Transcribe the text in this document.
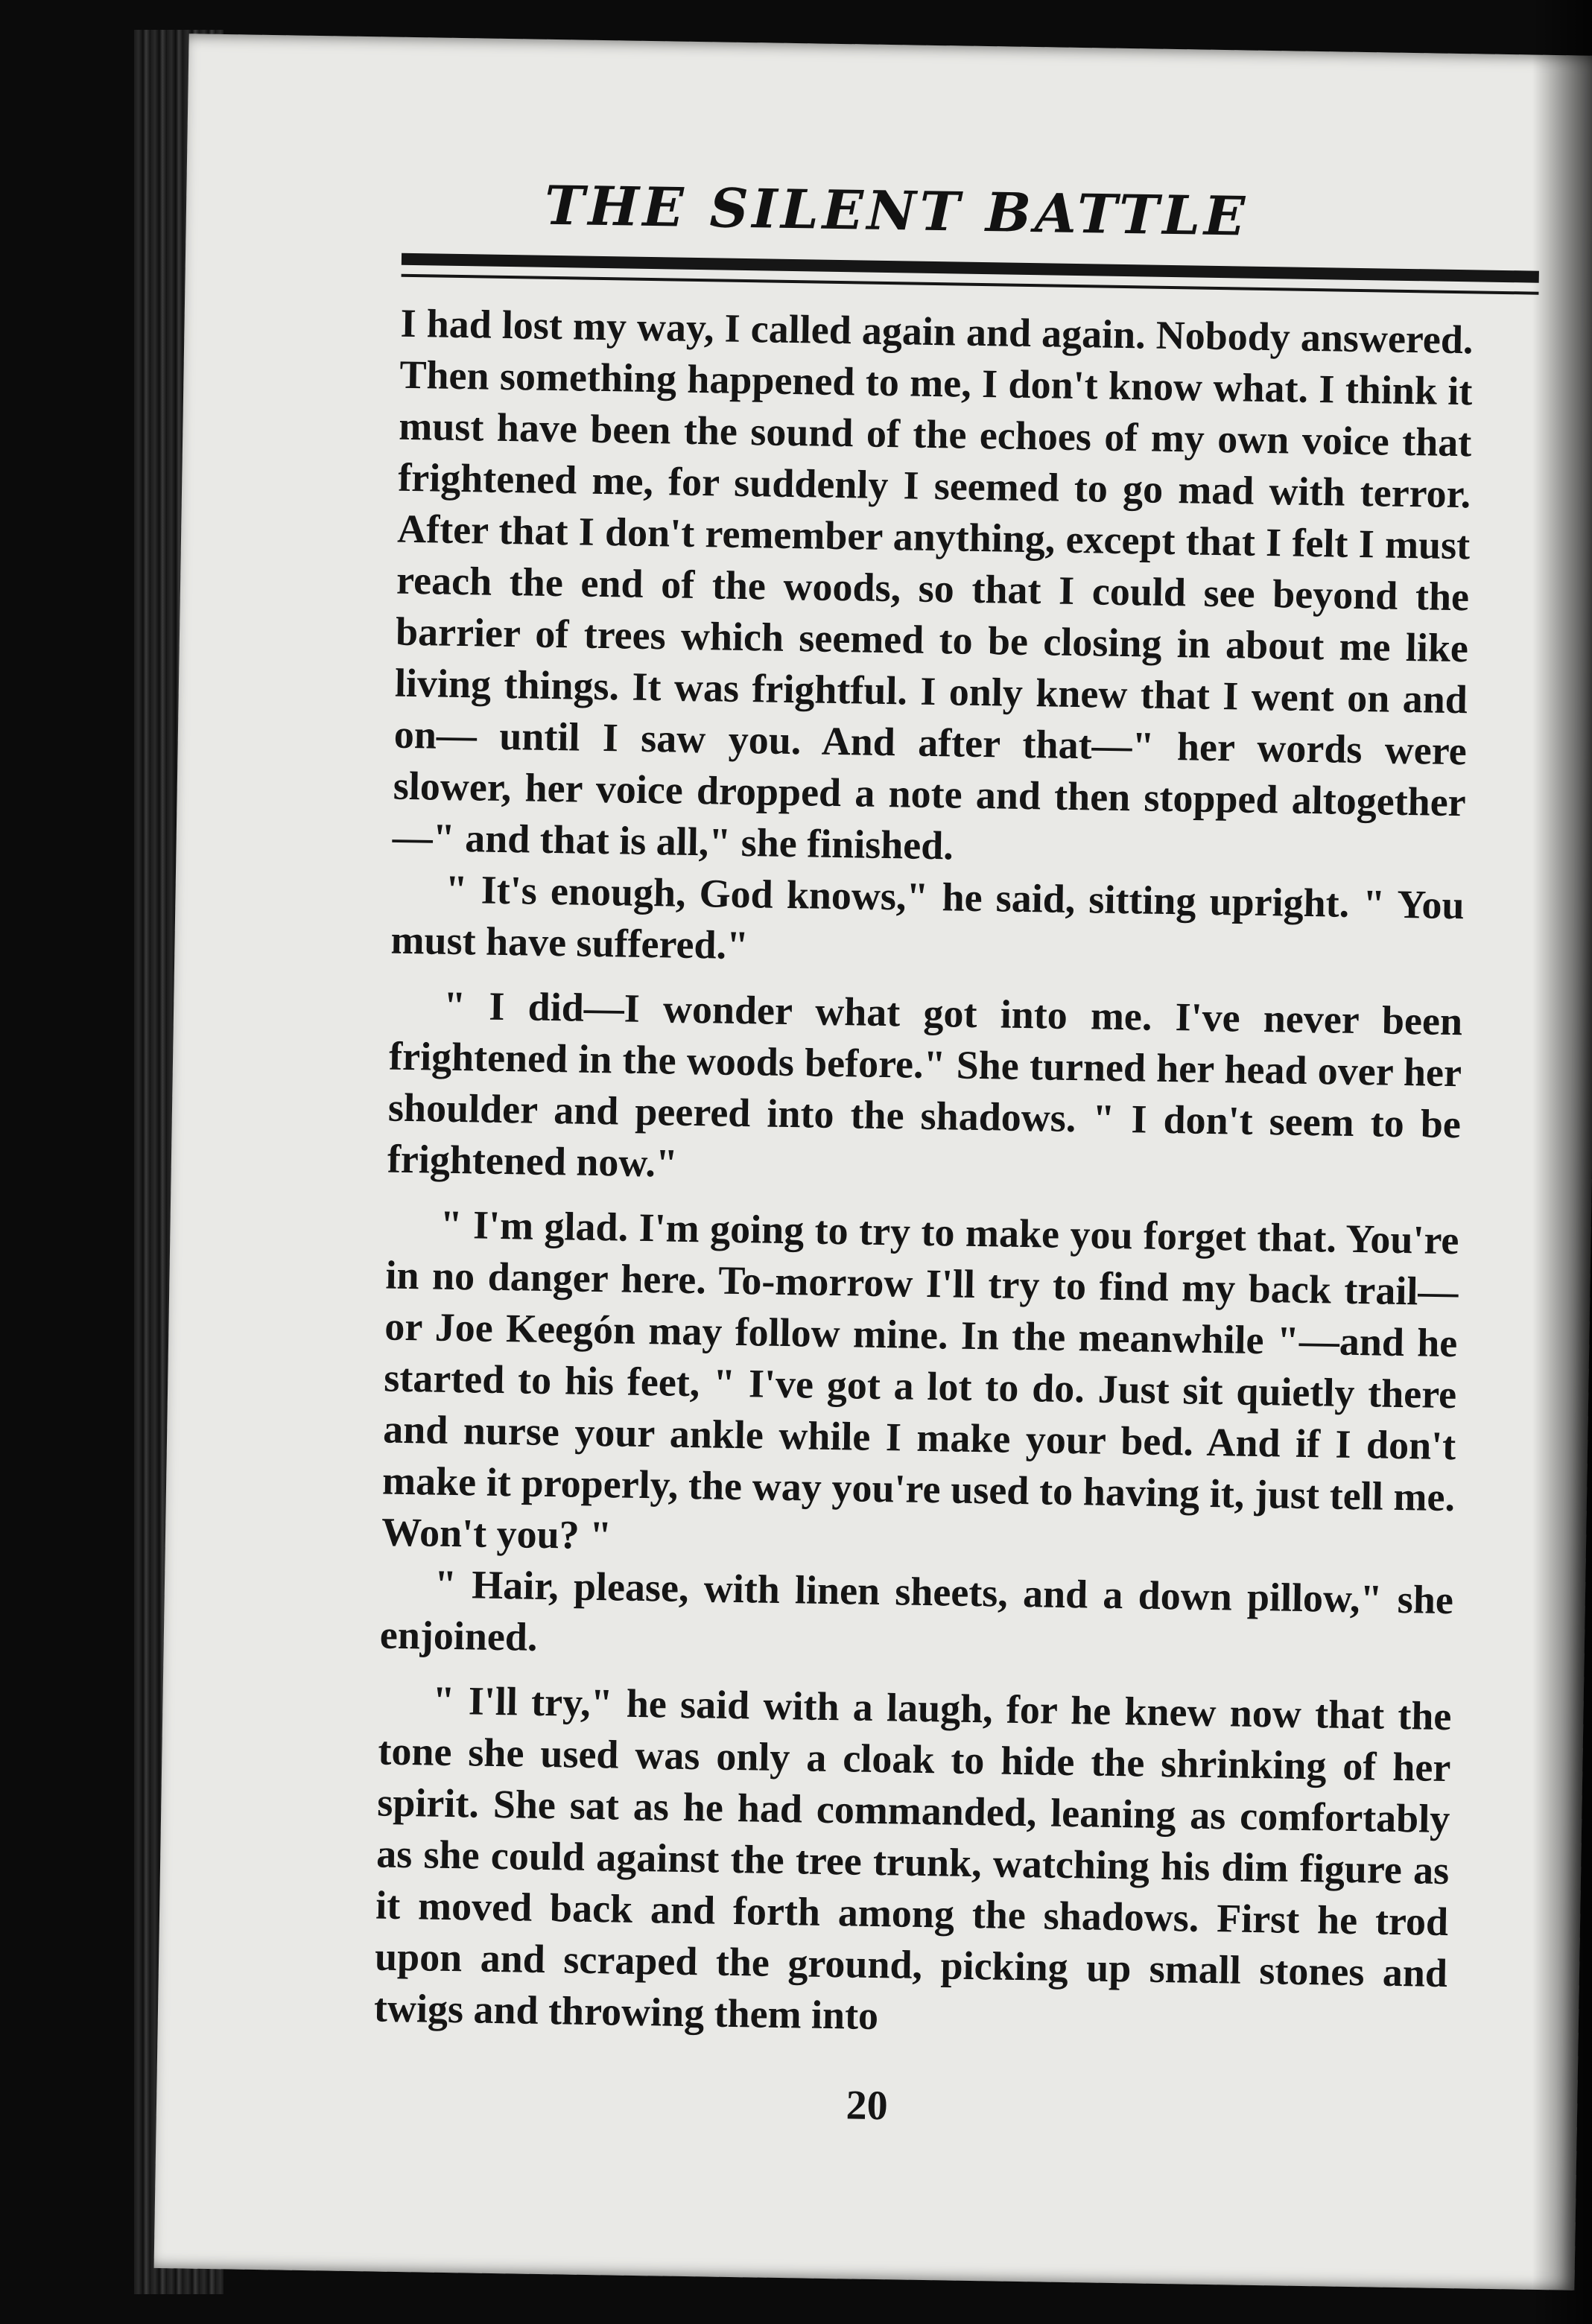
THE SILENT BATTLE

I had lost my way, I called again and again. Nobody answered. Then something happened to me, I don't know what. I think it must have been the sound of the echoes of my own voice that frightened me, for suddenly I seemed to go mad with terror. After that I don't remember anything, except that I felt I must reach the end of the woods, so that I could see beyond the barrier of trees which seemed to be closing in about me like living things. It was frightful. I only knew that I went on and on— until I saw you. And after that—" her words were slower, her voice dropped a note and then stopped altogether —" and that is all," she finished.

" It's enough, God knows," he said, sitting upright. " You must have suffered."

" I did—I wonder what got into me. I've never been frightened in the woods before." She turned her head over her shoulder and peered into the shadows. " I don't seem to be frightened now."

" I'm glad. I'm going to try to make you forget that. You're in no danger here. To-morrow I'll try to find my back trail—or Joe Keegón may follow mine. In the meanwhile "—and he started to his feet, " I've got a lot to do. Just sit quietly there and nurse your ankle while I make your bed. And if I don't make it properly, the way you're used to having it, just tell me. Won't you? "

" Hair, please, with linen sheets, and a down pillow," she enjoined.

" I'll try," he said with a laugh, for he knew now that the tone she used was only a cloak to hide the shrinking of her spirit. She sat as he had commanded, leaning as comfortably as she could against the tree trunk, watching his dim figure as it moved back and forth among the shadows. First he trod upon and scraped the ground, picking up small stones and twigs and throwing them into

20
